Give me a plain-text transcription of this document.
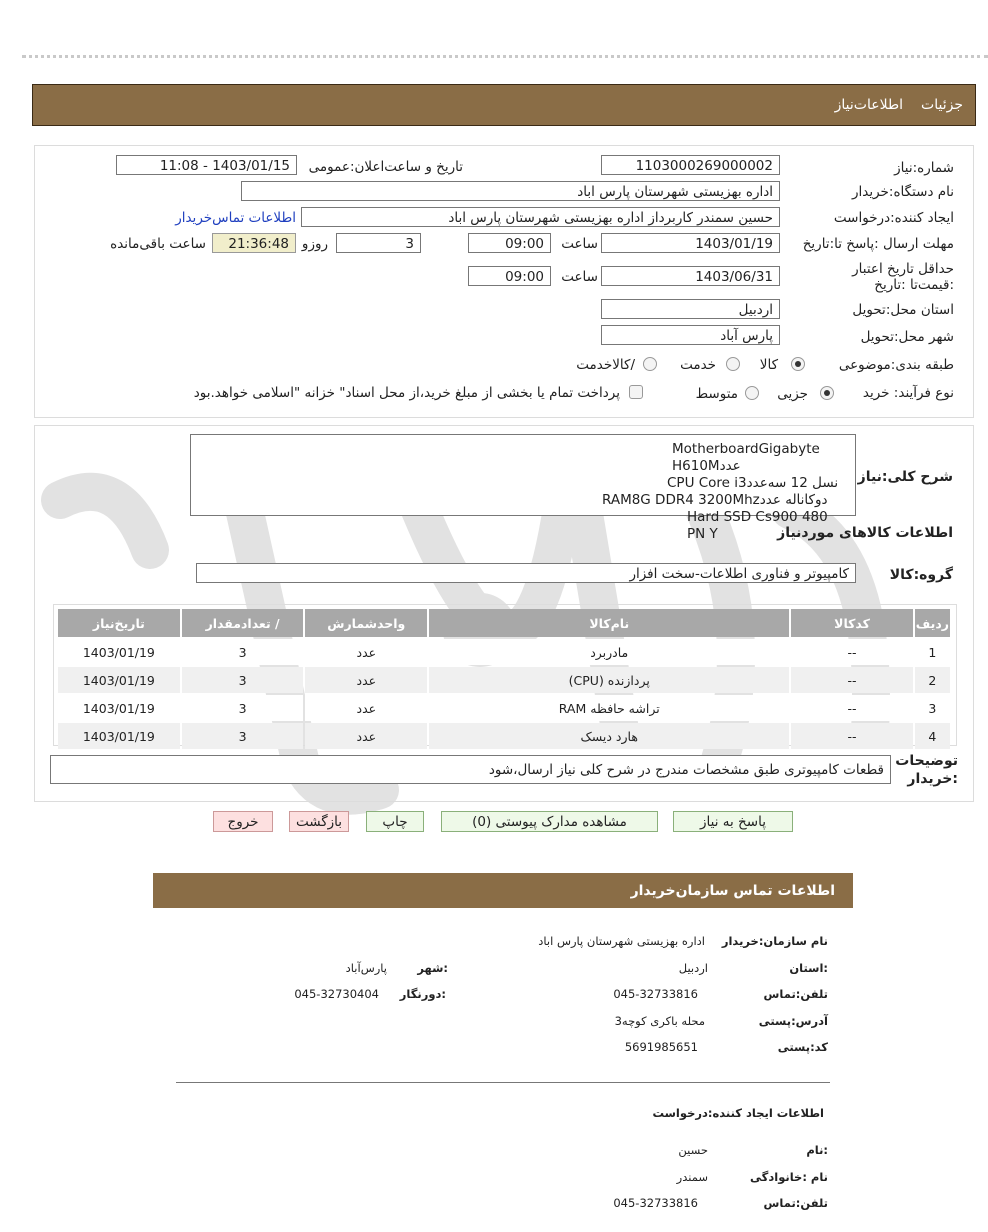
جزئیات
اطلاعات‌نیاز
شماره:نیاز
1103000269000002
تاریخ و ساعت‌اعلان:عمومی
1403/01/15 - 11:08
نام دستگاه:خریدار
اداره بهزیستی شهرستان پارس اباد
ایجاد کننده:درخواست
حسین سمندر کاربرداز اداره بهزیستی شهرستان پارس اباد
اطلاعات تماس‌خریدار
مهلت ارسال :پاسخ تا:تاریخ
1403/01/19
ساعت
09:00
3
روزو
21:36:48
ساعت باقی‌مانده
حداقل تاریخ اعتبار :قیمت‌تا :تاریخ
1403/06/31
ساعت
09:00
استان محل:تحویل
اردبیل
شهر محل:تحویل
پارس آباد
طبقه بندی:موضوعی
کالا
خدمت
/کالاخدمت
نوع فرآیند: خرید
جزیی
متوسط
پرداخت تمام یا بخشی از مبلغ خرید،از محل اسناد" خزانه "اسلامی خواهد.بود
MotherboardGigabyte H610Mعدد
CPU Core i3نسل 12 سه‌عدد
RAM8G DDR4 3200Mhzدوکاناله عدد
Hard SSD Cs900 480 PN Y
شرح کلی:نیاز
اطلاعات کالاهای مورد‌نیاز
گروه:کالا
کامپیوتر و فناوری اطلاعات-سخت افزار
ردیف	کدکالا	نام‌کالا	واحدشمارش	/ تعدادمقدار	تاریخ‌نیاز
1	--	مادربرد	عدد	3	1403/01/19
2	--	پردازنده (CPU)	عدد	3	1403/01/19
3	--	تراشه حافظه RAM	عدد	3	1403/01/19
4	--	هارد دیسک	عدد	3	1403/01/19
توضیحات
:خریدار
قطعات کامپیوتری طبق مشخصات مندرج در شرح کلی نیاز ارسال،شود
پاسخ به نیاز
مشاهده مدارک پیوستی (0)
چاپ
بازگشت
خروج
اطلاعات تماس سازمان‌خریدار
نام سازمان:خریدار
اداره بهزیستی شهرستان پارس اباد
:استان
اردبیل
:شهر
پارس‌آباد
تلفن:تماس
045-32733816
:دورنگار
045-32730404
آدرس:پستی
محله باکری کوچه3
کد:پستی
5691985651
اطلاعات ایجاد کننده:درخواست
:نام
حسین
نام :خانوادگی
سمندر
تلفن:تماس
045-32733816
